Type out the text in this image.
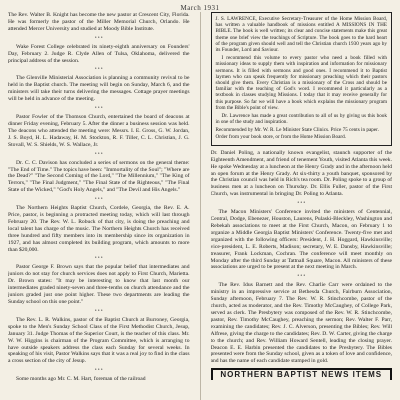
March 1931

The Rev. Walter B. Knight has become the new pastor at Crescent City, Florida. He was formerly the pastor of the Miller Memorial Church, Orlando. He attended Mercer University and studied at Moody Bible Institute.

• • •

Wake Forest College celebrated its ninety-eighth anniversary on Founders' Day, February 2. Judge R. Clyde Allen of Tulsa, Oklahoma, delivered the principal address of the session.

• • •

The Glenville Ministerial Association is planning a community revival to be held in the Baptist church. The meeting will begin on Sunday, March 6, and the ministers will take their turns delivering the messages. Cottage prayer meetings will be held in advance of the meeting.

• • •

Pastor Fowler of the Thomson Church, entertained the board of deacons at dinner Friday evening, February 5. After the dinner a business session was held. The deacons who attended the meeting were: Messrs. I. E. Gross, G. W. Jordan, J. S. Boyd, H. L. Hadaway, H. M. Stockton, R. F. Tiller, C. L. Christian, J. G. Stovall, W. S. Shields, W. S. Wallace, Jr.

• • •

Dr. C. C. Davison has concluded a series of sermons on the general theme: "The End of Time." The topics have been: "Immortality of the Soul"; "Where are the Dead?" "The Second Coming of the Lord," "The Millennium," "The King of Terrors," "The Final Judgment," "The Final State of the Righteous," "The Final State of the Wicked," "God's Holy Angels," and "The Devil and His Angels."

• • •

The Northern Heights Baptist Church, Cordele, Georgia, the Rev. E. A. Price, pastor, is beginning a protracted meeting today, which will last through February 20. The Rev. W. L. Robuck of that city, is doing the preaching and local talent has charge of the music. The Northern Heights Church has received three hundred and fifty members into its membership since its organization in 1927, and has almost completed its building program, which amounts to more than $20,000.

• • •

Pastor George F. Brown says that the popular belief that intermediates and juniors do not stay for church services does not apply to First Church, Marietta. Dr. Brown states: "It may be interesting to know that last month our intermediates graded ninety-seven and three-tenths on church attendance and the juniors graded just one point higher. These two departments are leading the Sunday school on this one point."

• • •

The Rev. L. R. Walkins, pastor of the Baptist Church at Burroney, Georgia, spoke to the Men's Sunday School Class of the First Methodist Church, Jesup, January 31. Judge Thomas of the Superior Court, is the teacher of this class. Mr. W. W. Higgins is chairman of the Program Committee, which is arranging to have outside speakers address the class each Sunday for several weeks. In speaking of his visit, Pastor Walkins says that it was a real joy to find in the class a cross section of the city of Jesup.

• • •

Some months ago Mr. C. M. Hart, foreman of the railroad

J. S. LAWRENCE, Executive Secretary-Treasurer of the Home Mission Board, has written a valuable handbook of missions entitled A MISSIONS IN THE BIBLE. The book is well written; its clear and concise statements make this great theme one brief view the teachings of Scripture. The book goes to the hard heart of the program given should well and tell the Christian church 1930 years ago by its Founder, Lord and Saviour.

I recommend this volume to every pastor who need a book filled with missionary ideas to supply them with inspiration and information for missionary sermons. It is filled with sermons and good ones. I recommend it to Baptist laymen who can speak frequently for missionary preaching which their pastors should give them. Every Christian is a missionary of the Cross and should be familiar with the teaching of God's word. I recommend it particularly as a textbook in classes studying Missions. I today that it may receive generally for this purpose. So far we will have a book which explains the missionary program from the Bible's point of view.

Dr. Lawrence has made a great contribution to all of us by giving us this book in one of the study and inspiration.

Recommended by Mr. W. R. Le Minister State Clinics. Price 75 cents in paper. Order from your book store, or from the Home Mission Board.

Dr. Daniel Poling, a nationally known evangelist, staunch supporter of the Eighteenth Amendment, and friend of tenement Youth, visited Atlanta this week. He spoke Wednesday at a luncheon at the Henry Grady and in the afternoon held an open forum at the Henry Grady. At six-thirty a youth banquet, sponsored by the Christian council was held in Rich's tea room. Dr. Poling spoke to a group of business men at a luncheon on Thursday. Dr. Ellis Fuller, pastor of the First Church, was instrumental in bringing Dr. Poling to Atlanta.

• • •

The Macon Ministers' Conference invited the ministers of Centennial, Central, Dodge, Ebenezer, Houston, Laurens, Pulaski-Bleckley, Washington and Rebekah associations to meet at the First Church, Macon, on February 1 to organize a Middle Georgia Baptist Ministers' Conference. Twenty-five met and organized with the following officers: President, J. H. Hoggard, Hawkinsville; vice-president, L. E. Roberts, Madison; secretary, W. E. Dansby, Hawkinsville; treasurer, Frank Lockman, Cochran. The conference will meet monthly on Monday after the third Sunday at Tattnall Square, Macon. All ministers of these associations are urged to be present at the next meeting in March.

• • •

The Rev. Idus Barnett and the Rev. Charlie Carr were ordained to the ministry in an impressive service at Bethesda Church, Fairburn Association, Sunday afternoon, February 7. The Rev. W. R. Stinchcombe, pastor of the church, acted as moderator, and the Rev. Timothy McCaughey, of College Park, served as clerk. The Presbytery was composed of the Rev. W. R. Stinchcombe, pastor, Rev. Timothy McCaughey, preaching the sermon; Rev. Walter F. Parr, examining the candidates; Rev. J. C. Alverson, presenting the Bibles; Rev. Will Alfrese, giving the charge to the candidates; Rev. D. W. Carter, giving the charge to the church; and Rev. William Howard Sentell, leading the closing prayer. Deacon E. E. Harbin presented the candidates to the Presbytery. The Bibles presented were from the Sunday school, given as a token of love and confidence, and has the name of each candidate stamped in gold.

NORTHERN BAPTIST NEWS ITEMS
